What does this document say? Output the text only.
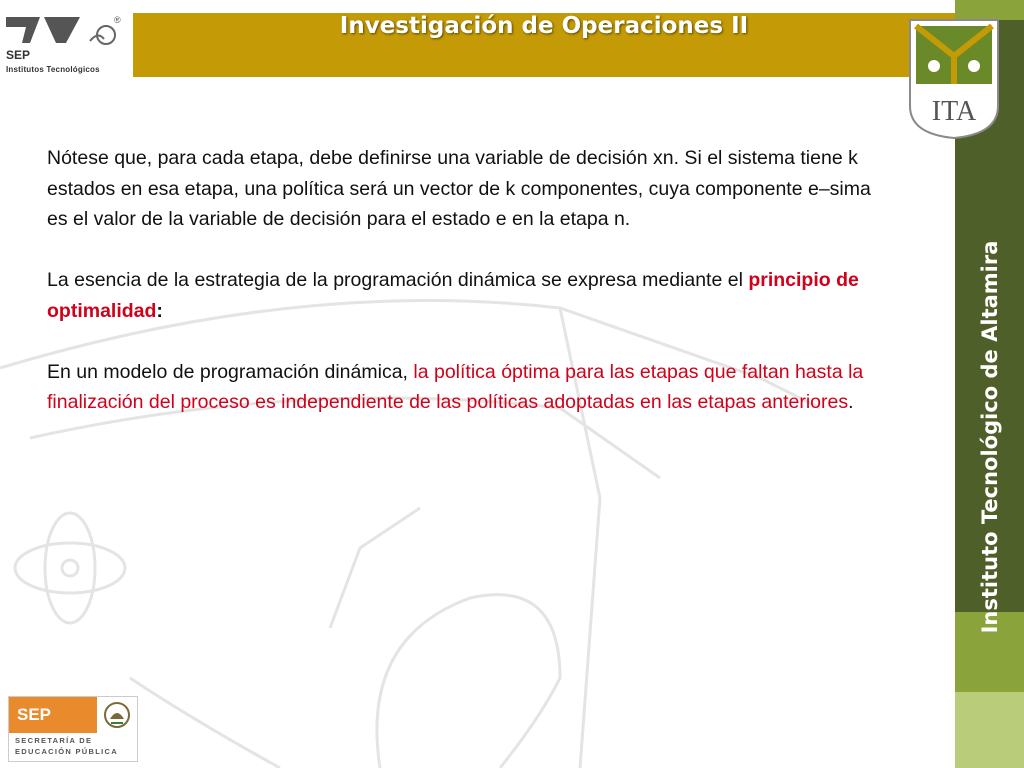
®
SEP
Institutos Tecnológicos
Investigación de Operaciones II
Instituto Tecnológico de Altamira
ITA

Nótese que, para cada etapa, debe definirse una variable de decisión xn. Si el sistema tiene k estados en esa etapa, una política será un vector de k componentes, cuya componente e–sima es el valor de la variable de decisión para el estado e en la etapa n.

La esencia de la estrategia de la programación dinámica se expresa mediante el principio de optimalidad:

En un modelo de programación dinámica, la política óptima para las etapas que faltan hasta la finalización del proceso es independiente de las políticas adoptadas en las etapas anteriores.

SEP
SECRETARÍA DE
EDUCACIÓN PÚBLICA
